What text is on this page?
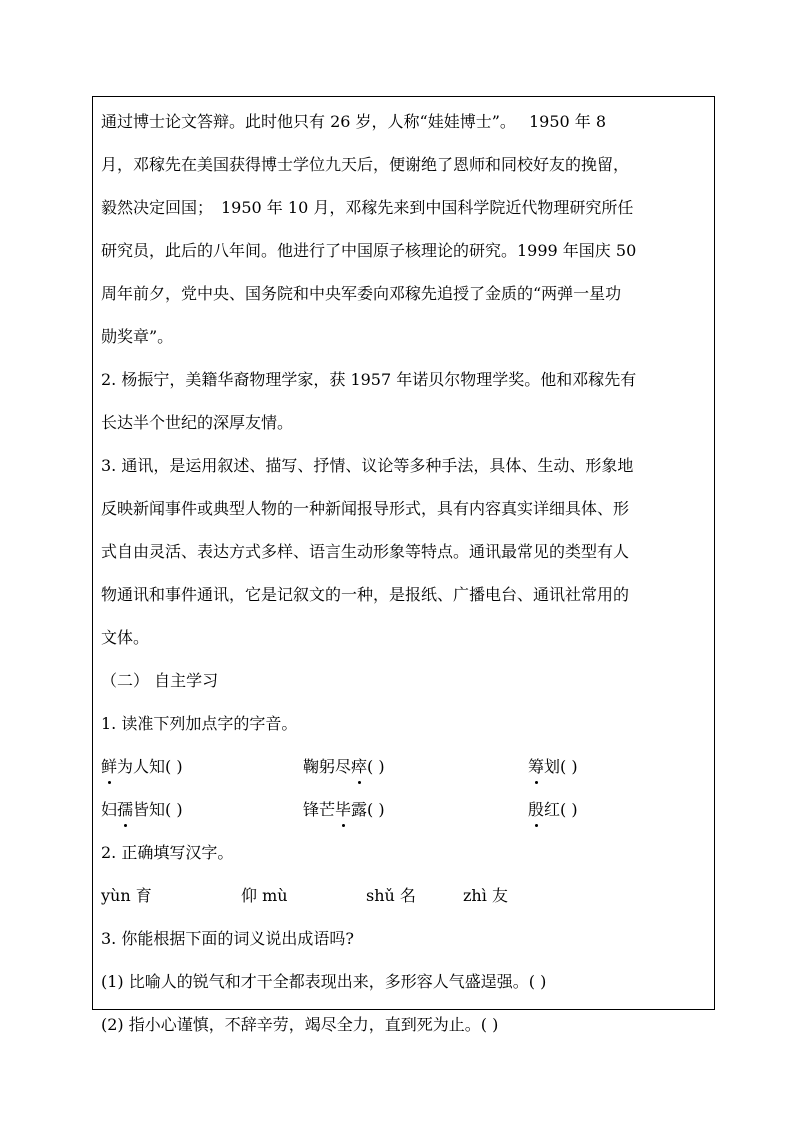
通过博士论文答辩。此时他只有 26 岁，人称“娃娃博士”。　 1950 年 8
月，邓稼先在美国获得博士学位九天后，便谢绝了恩师和同校好友的挽留，
毅然决定回国；　1950 年 10 月，邓稼先来到中国科学院近代物理研究所任
研究员，此后的八年间。他进行了中国原子核理论的研究。1999 年国庆 50
周年前夕，党中央、国务院和中央军委向邓稼先追授了金质的“两弹一星功
勋奖章”。
2. 杨振宁，美籍华裔物理学家，获 1957 年诺贝尔物理学奖。他和邓稼先有
长达半个世纪的深厚友情。
3. 通讯，是运用叙述、描写、抒情、议论等多种手法，具体、生动、形象地
反映新闻事件或典型人物的一种新闻报导形式，具有内容真实详细具体、形
式自由灵活、表达方式多样、语言生动形象等特点。通讯最常见的类型有人
物通讯和事件通讯，它是记叙文的一种，是报纸、广播电台、通讯社常用的
文体。
（二） 自主学习
1. 读准下列加点字的字音。
鲜为人知( )	鞠躬尽瘁( )	筹划( )
妇孺皆知( )	锋芒毕露( )	殷红( )
2. 正确填写汉字。
yùn 育	仰 mù	shǔ 名	zhì 友
3. 你能根据下面的词义说出成语吗?
(1) 比喻人的锐气和才干全都表现出来，多形容人气盛逞强。( )
(2) 指小心谨慎，不辞辛劳，竭尽全力，直到死为止。( )
